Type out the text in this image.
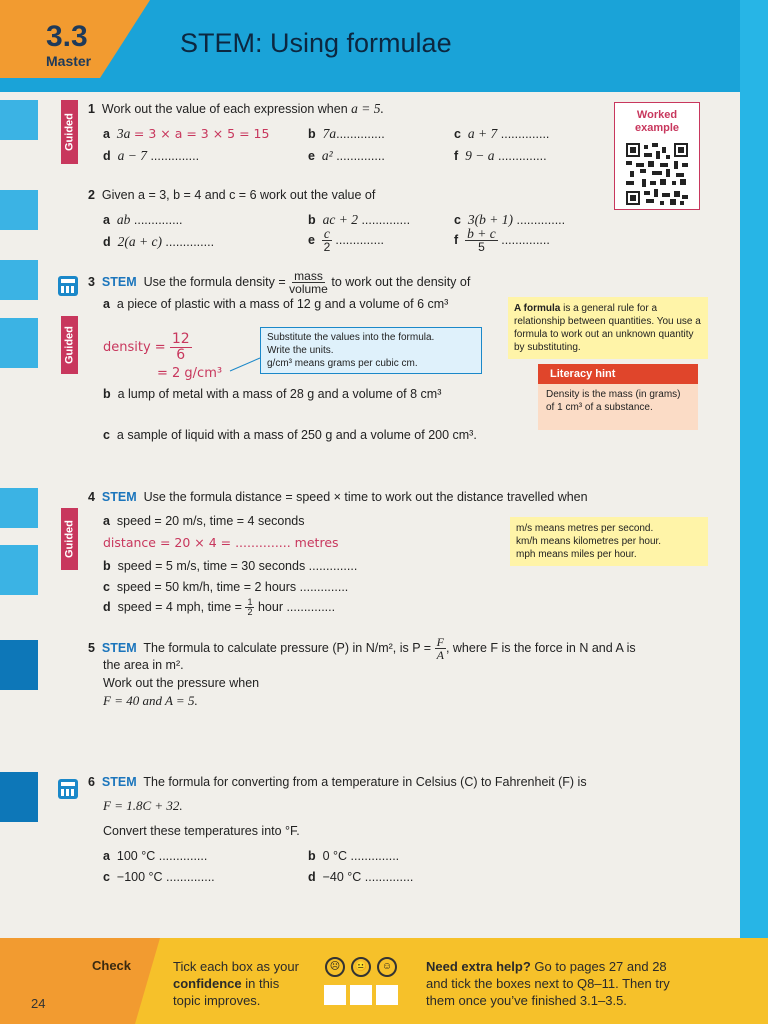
3.3
Master
STEM: Using formulae
Guided
Guided
Guided
1 Work out the value of each expression when a = 5.
a 3a = 3 × a = 3 × 5 = 15	b 7a..............	c a + 7 ..............
d a − 7 ..............	e a² ..............	f 9 − a ..............
Worked
example
2 Given a = 3, b = 4 and c = 6 work out the value of
a ab ..............	b ac + 2 ..............	c 3(b + 1) ..............
d 2(a + c) ..............	e $\frac{c}{2}$ ..............	f $\frac{b + c}{5}$ ..............
3 STEM Use the formula density = $\frac{\text{mass}}{\text{volume}}$ to work out the density of
a a piece of plastic with a mass of 12 g and a volume of 6 cm³
density = $\frac{12}{6}$
= 2 g/cm³
Substitute the values into the formula.
Write the units.
g/cm³ means grams per cubic cm.
b a lump of metal with a mass of 28 g and a volume of 8 cm³
c a sample of liquid with a mass of 250 g and a volume of 200 cm³.
A formula is a general rule for a relationship between quantities. You use a formula to work out an unknown quantity by substituting.
Literacy hint
Density is the mass (in grams) of 1 cm³ of a substance.
4 STEM Use the formula distance = speed × time to work out the distance travelled when
a speed = 20 m/s, time = 4 seconds
distance = 20 × 4 = .............. metres
b speed = 5 m/s, time = 30 seconds ..............
c speed = 50 km/h, time = 2 hours ..............
d speed = 4 mph, time = $\frac{1}{2}$ hour ..............
m/s means metres per second.
km/h means kilometres per hour.
mph means miles per hour.
5 STEM The formula to calculate pressure (P) in N/m², is $P = \frac{F}{A}$ , where F is the force in N and A is
the area in m².
Work out the pressure when
F = 40 and A = 5.
6 STEM The formula for converting from a temperature in Celsius (C) to Fahrenheit (F) is
F = 1.8C + 32.
Convert these temperatures into °F.
a 100 °C ..............	b 0 °C ..............
c −100 °C ..............	d −40 °C ..............
Check
24
Tick each box as your
confidence in this
topic improves.
☹	😐	☺	Need extra help? Go to pages 27 and 28
and tick the boxes next to Q8–11. Then try
them once you’ve finished 3.1–3.5.
